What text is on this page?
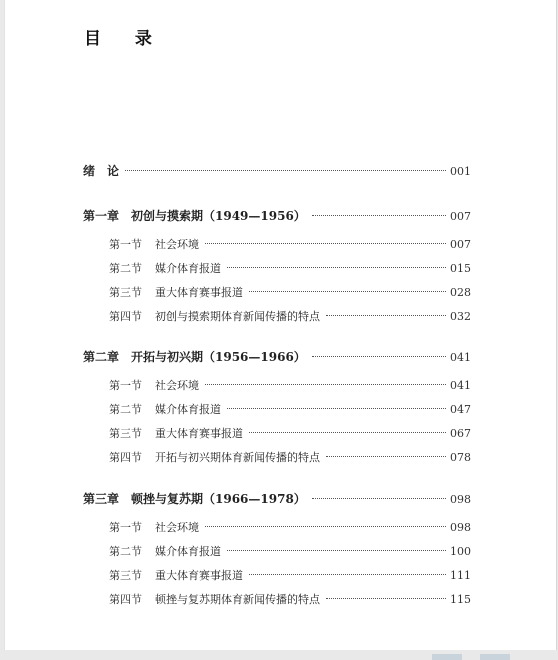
目 录
绪　论	001
第一章　初创与摸索期（1949—1956）	007
第一节 社会环境	007
第二节 媒介体育报道	015
第三节 重大体育赛事报道	028
第四节 初创与摸索期体育新闻传播的特点	032
第二章　开拓与初兴期（1956—1966）	041
第一节 社会环境	041
第二节 媒介体育报道	047
第三节 重大体育赛事报道	067
第四节 开拓与初兴期体育新闻传播的特点	078
第三章　顿挫与复苏期（1966—1978）	098
第一节 社会环境	098
第二节 媒介体育报道	100
第三节 重大体育赛事报道	111
第四节 顿挫与复苏期体育新闻传播的特点	115
